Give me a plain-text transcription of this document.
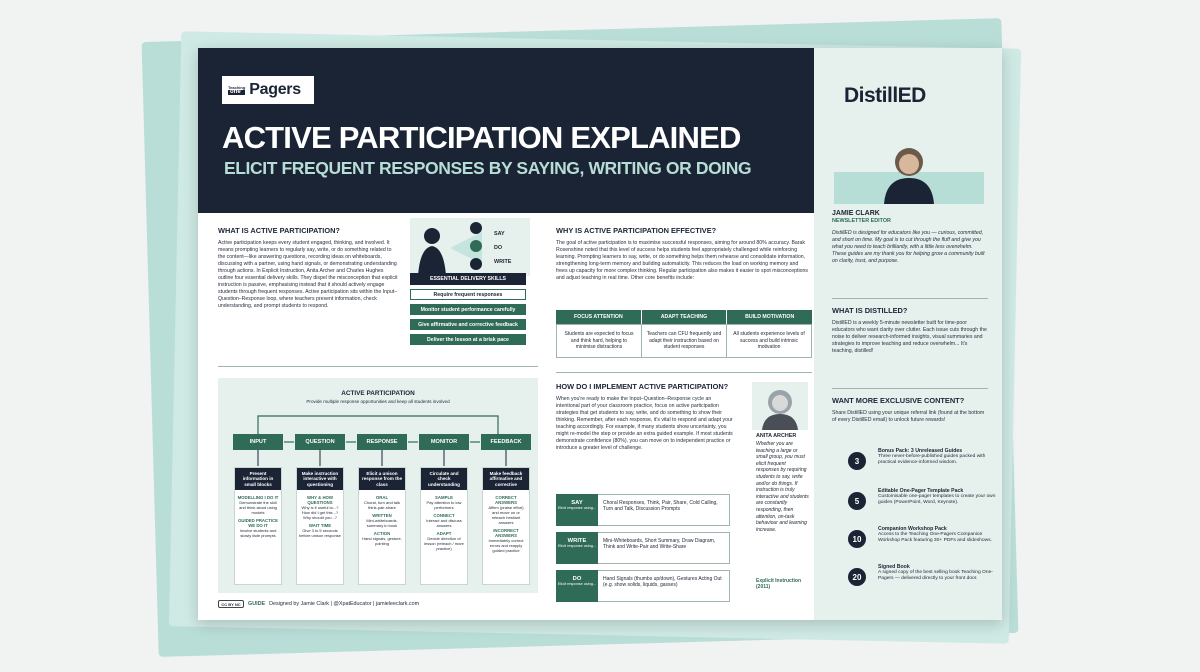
Teaching
one Pagers
ACTIVE PARTICIPATION EXPLAINED
ELICIT FREQUENT RESPONSES BY SAYING, WRITING OR DOING
WHAT IS ACTIVE PARTICIPATION?
Active participation keeps every student engaged, thinking, and involved. It means prompting learners to regularly say, write, or do something related to the content—like answering questions, recording ideas on whiteboards, discussing with a partner, using hand signals, or demonstrating understanding through actions. In Explicit Instruction, Anita Archer and Charles Hughes outline four essential delivery skills. They dispel the misconception that explicit instruction is passive, emphasising instead that it should actively engage students through frequent responses. Active participation sits within the Input–Question–Response loop, where teachers present information, check understanding, and prompt students to respond.
SAY
DO
WRITE
ESSENTIAL DELIVERY SKILLS
Require frequent responses
Monitor student performance carefully
Give affirmative and corrective feedback
Deliver the lesson at a brisk pace
WHY IS ACTIVE PARTICIPATION EFFECTIVE?
The goal of active participation is to maximise successful responses, aiming for around 80% accuracy. Barak Rosenshine noted that this level of success helps students feel appropriately challenged while reinforcing learning. Prompting learners to say, write, or do something helps them rehearse and consolidate information, strengthening long-term memory and building automaticity. This reduces the load on working memory and frees up capacity for more complex thinking. Regular participation also makes it easier to spot misconceptions and adjust teaching in real time. Other core benefits include:
FOCUS ATTENTION	ADAPT TEACHING	BUILD MOTIVATION
Students are expected to focus and think hard, helping to minimise distractions
Teachers can CFU frequently and adapt their instruction based on student responses
All students experience levels of success and build intrinsic motivation
ACTIVE PARTICIPATION
Provide multiple response opportunities and keep all students involved
INPUT	QUESTION	RESPONSE	MONITOR	FEEDBACK
Present information in small blocks
MODELLING I DO IT
Demonstrate the skill and think aloud using models
GUIDED PRACTICE WE DO IT
Involve students and slowly fade prompts
Make instruction interactive with questioning
WHY & HOW QUESTIONS
Why is it useful to...? How did I get this...? Why should you...?
WAIT TIME
Give 3 to 5 seconds before unison response
Elicit a unison response from the class
ORAL
Choral, turn and talk think-pair-share
WRITTEN
Mini-whiteboards, summary in book
ACTION
Hand signals, gesture, pointing
Circulate and check understanding
SAMPLE
Pay attention to low performers
CONNECT
Interact and discuss answers
ADAPT
Decide direction of lesson (reteach / more practice)
Make feedback affirmative and corrective
CORRECT ANSWERS
Affirm (praise effort) and move on or reteach hesitant answers
INCORRECT ANSWERS
Immediately correct errors and reapply guided practice
HOW DO I IMPLEMENT ACTIVE PARTICIPATION?
When you're ready to make the Input–Question–Response cycle an intentional part of your classroom practice, focus on active participation strategies that get students to say, write, and do something to show their thinking. Remember, after each response, it's vital to respond and adapt your teaching accordingly. For example, if many students show uncertainty, you might re-model the step or provide an extra guided example. If most students demonstrate confidence (80%), you can move on to independent practice or introduce a greater level of challenge.
SAY
Elicit response using...
Choral Responses, Think, Pair, Share, Cold Calling, Turn and Talk, Discussion Prompts
WRITE
Elicit response using...
Mini-Whiteboards, Short Summary, Draw Diagram, Think and Write-Pair and Write-Share
DO
Elicit response using...
Hand Signals (thumbs up/down), Gestures Acting Out (e.g. show solids, liquids, gasses)
ANITA ARCHER
Whether you are teaching a large or small group, you must elicit frequent responses by requiring students to say, write and/or do things. If instruction is truly interactive and students are constantly responding, then attention, on-task behaviour and learning increase.
Explicit Instruction (2011)
CC BY NC	GUIDE Designed by Jamie Clark | @XpatEducator | jamieleeclark.com
DistillED
JAMIE CLARK
NEWSLETTER EDITOR
DistillED is designed for educators like you — curious, committed, and short on time. My goal is to cut through the fluff and give you what you need to teach brilliantly, with a little less overwhelm. These guides are my thank you for helping grow a community built on clarity, trust, and purpose.
WHAT IS DISTILLED?
DistillED is a weekly 5-minute newsletter built for time-poor educators who want clarity over clutter. Each issue cuts through the noise to deliver research-informed insights, visual summaries and strategies to improve teaching and reduce overwhelm... It's teaching, distilled!
WANT MORE EXCLUSIVE CONTENT?
Share DistillED using your unique referral link (found at the bottom of every DistillED email) to unlock future rewards!
3
Bonus Pack: 3 Unreleased Guides
Three never-before-published guides packed with practical evidence-informed wisdom.
5
Editable One-Pager Template Pack
Customisable one-pager templates to create your own guides (PowerPoint, Word, Keynote).
10
Companion Workshop Pack
Access to the Teaching One-Pagers Companion Workshop Pack featuring 30+ PDFs and slideshows.
20
Signed Book
A signed copy of the best selling book Teaching One-Pagers — delivered directly to your front door.
